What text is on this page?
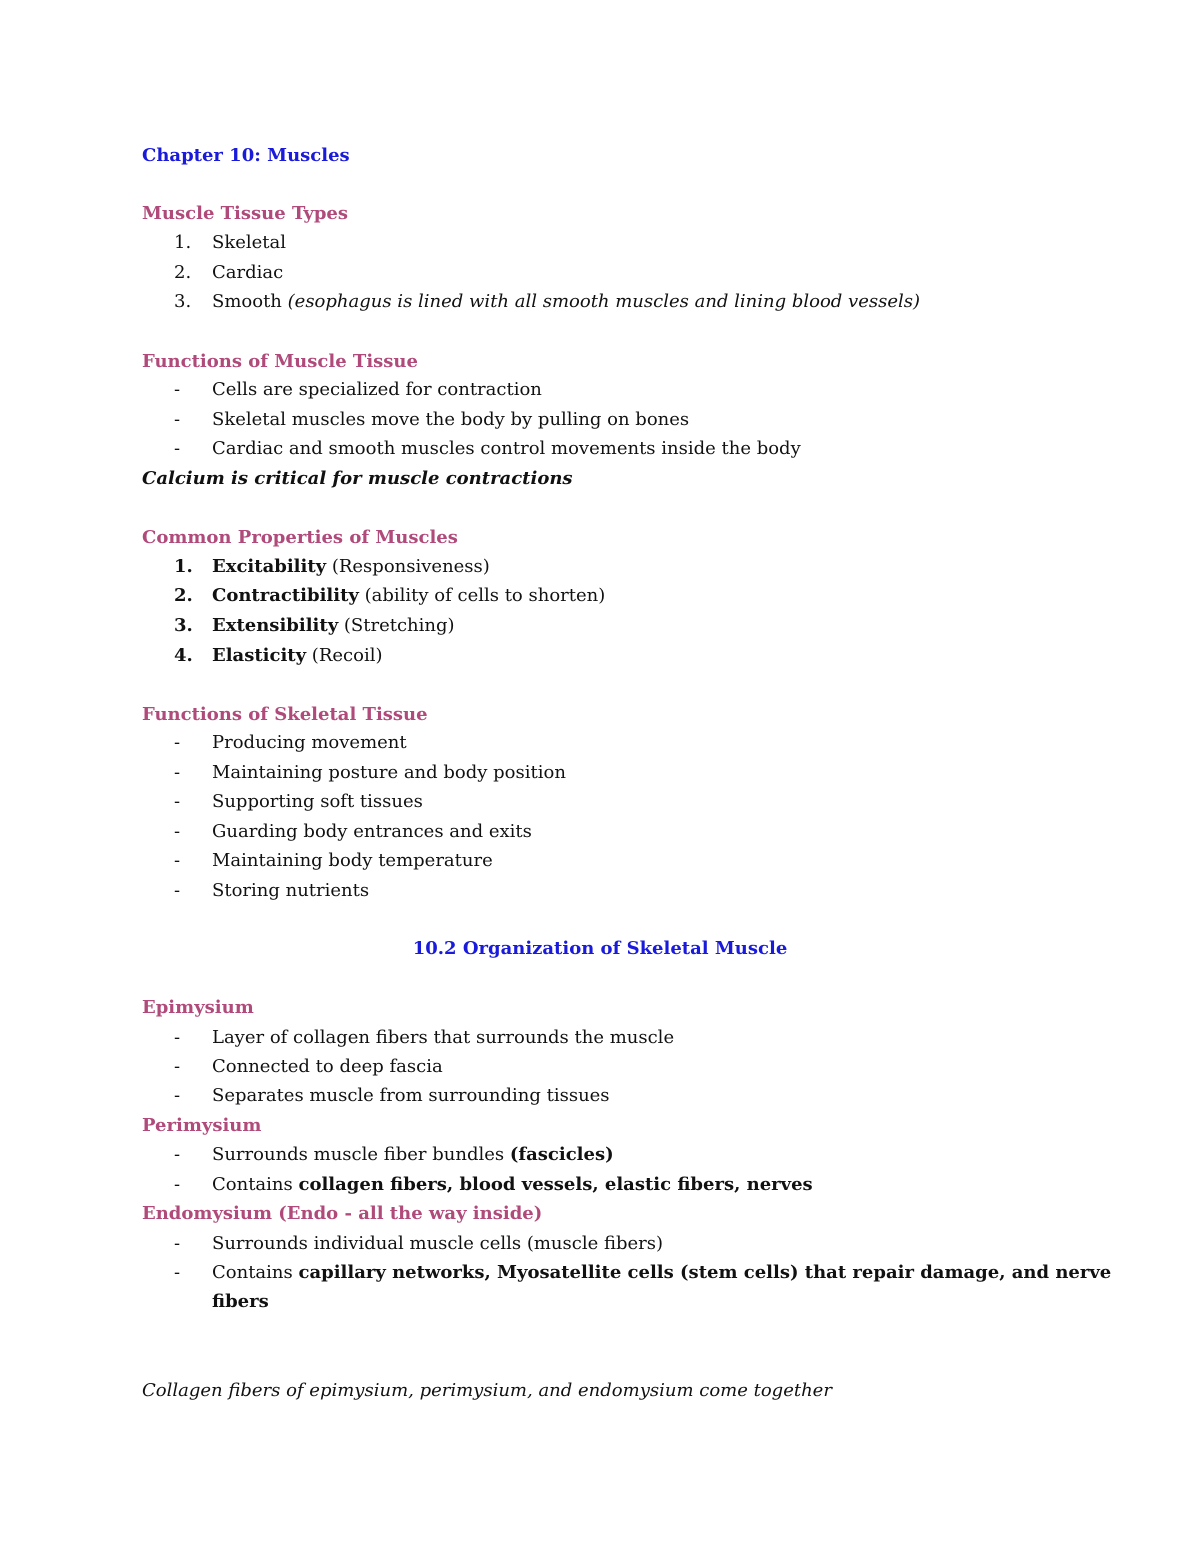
Chapter 10: Muscles
Muscle Tissue Types
1. Skeletal
2. Cardiac
3. Smooth (esophagus is lined with all smooth muscles and lining blood vessels)
Functions of Muscle Tissue
- Cells are specialized for contraction
- Skeletal muscles move the body by pulling on bones
- Cardiac and smooth muscles control movements inside the body
Calcium is critical for muscle contractions
Common Properties of Muscles
1. Excitability (Responsiveness)
2. Contractibility (ability of cells to shorten)
3. Extensibility (Stretching)
4. Elasticity (Recoil)
Functions of Skeletal Tissue
- Producing movement
- Maintaining posture and body position
- Supporting soft tissues
- Guarding body entrances and exits
- Maintaining body temperature
- Storing nutrients
10.2 Organization of Skeletal Muscle
Epimysium
- Layer of collagen fibers that surrounds the muscle
- Connected to deep fascia
- Separates muscle from surrounding tissues
Perimysium
- Surrounds muscle fiber bundles (fascicles)
- Contains collagen fibers, blood vessels, elastic fibers, nerves
Endomysium (Endo - all the way inside)
- Surrounds individual muscle cells (muscle fibers)
- Contains capillary networks, Myosatellite cells (stem cells) that repair damage, and nerve
fibers
Collagen fibers of epimysium, perimysium, and endomysium come together
